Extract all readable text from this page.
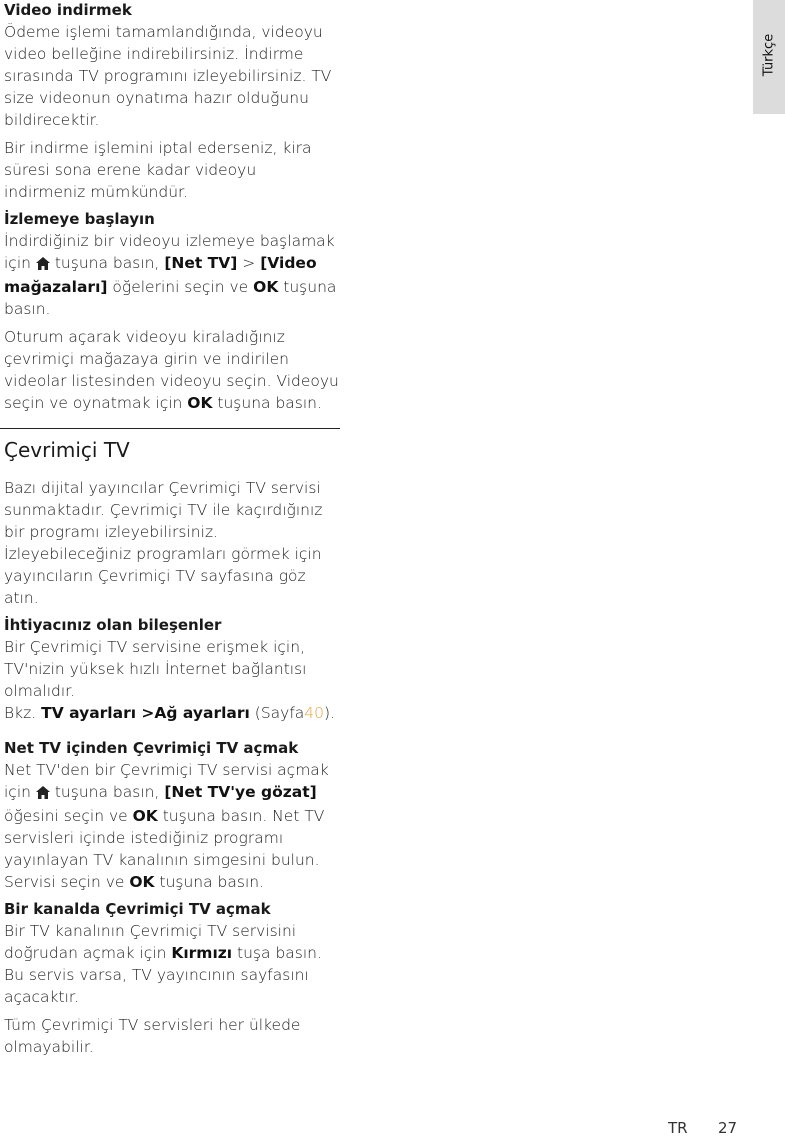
Türkçe
Video indirmek

Ödeme işlemi tamamlandığında, videoyu video belleğine indirebilirsiniz. İndirme sırasında TV programını izleyebilirsiniz. TV size videonun oynatıma hazır olduğunu bildirecektir.

Bir indirme işlemini iptal ederseniz, kira süresi sona erene kadar videoyu indirmeniz mümkündür.

İzlemeye başlayın

İndirdiğiniz bir videoyu izlemeye başlamak için tuşuna basın, [Net TV] > [Video mağazaları] öğelerini seçin ve OK tuşuna basın.

Oturum açarak videoyu kiraladığınız çevrimiçi mağazaya girin ve indirilen videolar listesinden videoyu seçin. Videoyu seçin ve oynatmak için OK tuşuna basın.

Çevrimiçi TV

Bazı dijital yayıncılar Çevrimiçi TV servisi sunmaktadır. Çevrimiçi TV ile kaçırdığınız bir programı izleyebilirsiniz. İzleyebileceğiniz programları görmek için yayıncıların Çevrimiçi TV sayfasına göz atın.

İhtiyacınız olan bileşenler

Bir Çevrimiçi TV servisine erişmek için, TV'nizin yüksek hızlı İnternet bağlantısı olmalıdır.
Bkz. TV ayarları >Ağ ayarları (Sayfa40).

Net TV içinden Çevrimiçi TV açmak

Net TV'den bir Çevrimiçi TV servisi açmak için tuşuna basın, [Net TV'ye gözat] öğesini seçin ve OK tuşuna basın. Net TV servisleri içinde istediğiniz programı yayınlayan TV kanalının simgesini bulun. Servisi seçin ve OK tuşuna basın.

Bir kanalda Çevrimiçi TV açmak

Bir TV kanalının Çevrimiçi TV servisini doğrudan açmak için Kırmızı tuşa basın. Bu servis varsa, TV yayıncının sayfasını açacaktır.

Tüm Çevrimiçi TV servisleri her ülkede olmayabilir.

TR 27
